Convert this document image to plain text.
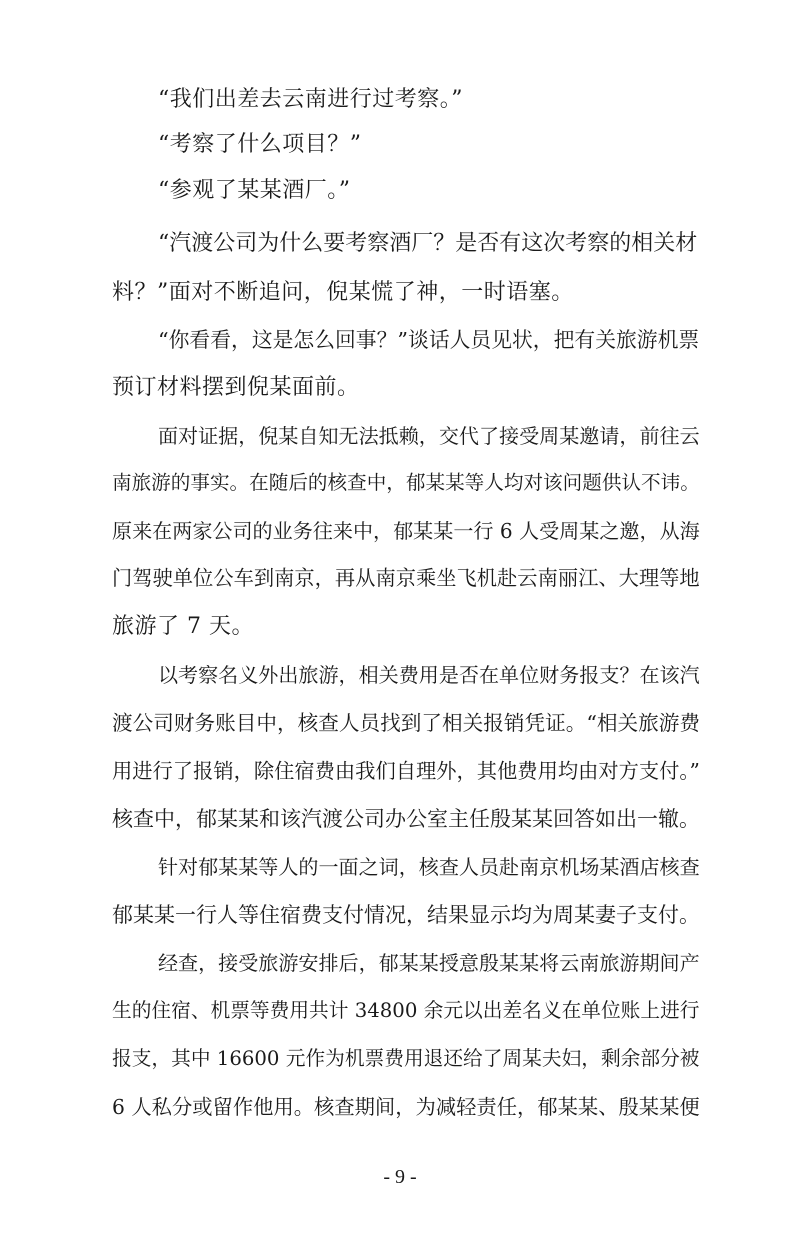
“我们出差去云南进行过考察。”
“考察了什么项目？”
“参观了某某酒厂。”
“汽渡公司为什么要考察酒厂？是否有这次考察的相关材
料？”面对不断追问，倪某慌了神，一时语塞。
“你看看，这是怎么回事？”谈话人员见状，把有关旅游机票
预订材料摆到倪某面前。
面对证据，倪某自知无法抵赖，交代了接受周某邀请，前往云
南旅游的事实。在随后的核查中，郁某某等人均对该问题供认不讳。
原来在两家公司的业务往来中，郁某某一行 6 人受周某之邀，从海
门驾驶单位公车到南京，再从南京乘坐飞机赴云南丽江、大理等地
旅游了 7 天。
以考察名义外出旅游，相关费用是否在单位财务报支？在该汽
渡公司财务账目中，核查人员找到了相关报销凭证。“相关旅游费
用进行了报销，除住宿费由我们自理外，其他费用均由对方支付。”
核查中，郁某某和该汽渡公司办公室主任殷某某回答如出一辙。
针对郁某某等人的一面之词，核查人员赴南京机场某酒店核查
郁某某一行人等住宿费支付情况，结果显示均为周某妻子支付。
经查，接受旅游安排后，郁某某授意殷某某将云南旅游期间产
生的住宿、机票等费用共计 34800 余元以出差名义在单位账上进行
报支，其中 16600 元作为机票费用退还给了周某夫妇，剩余部分被
6 人私分或留作他用。核查期间，为减轻责任，郁某某、殷某某便
- 9 -
